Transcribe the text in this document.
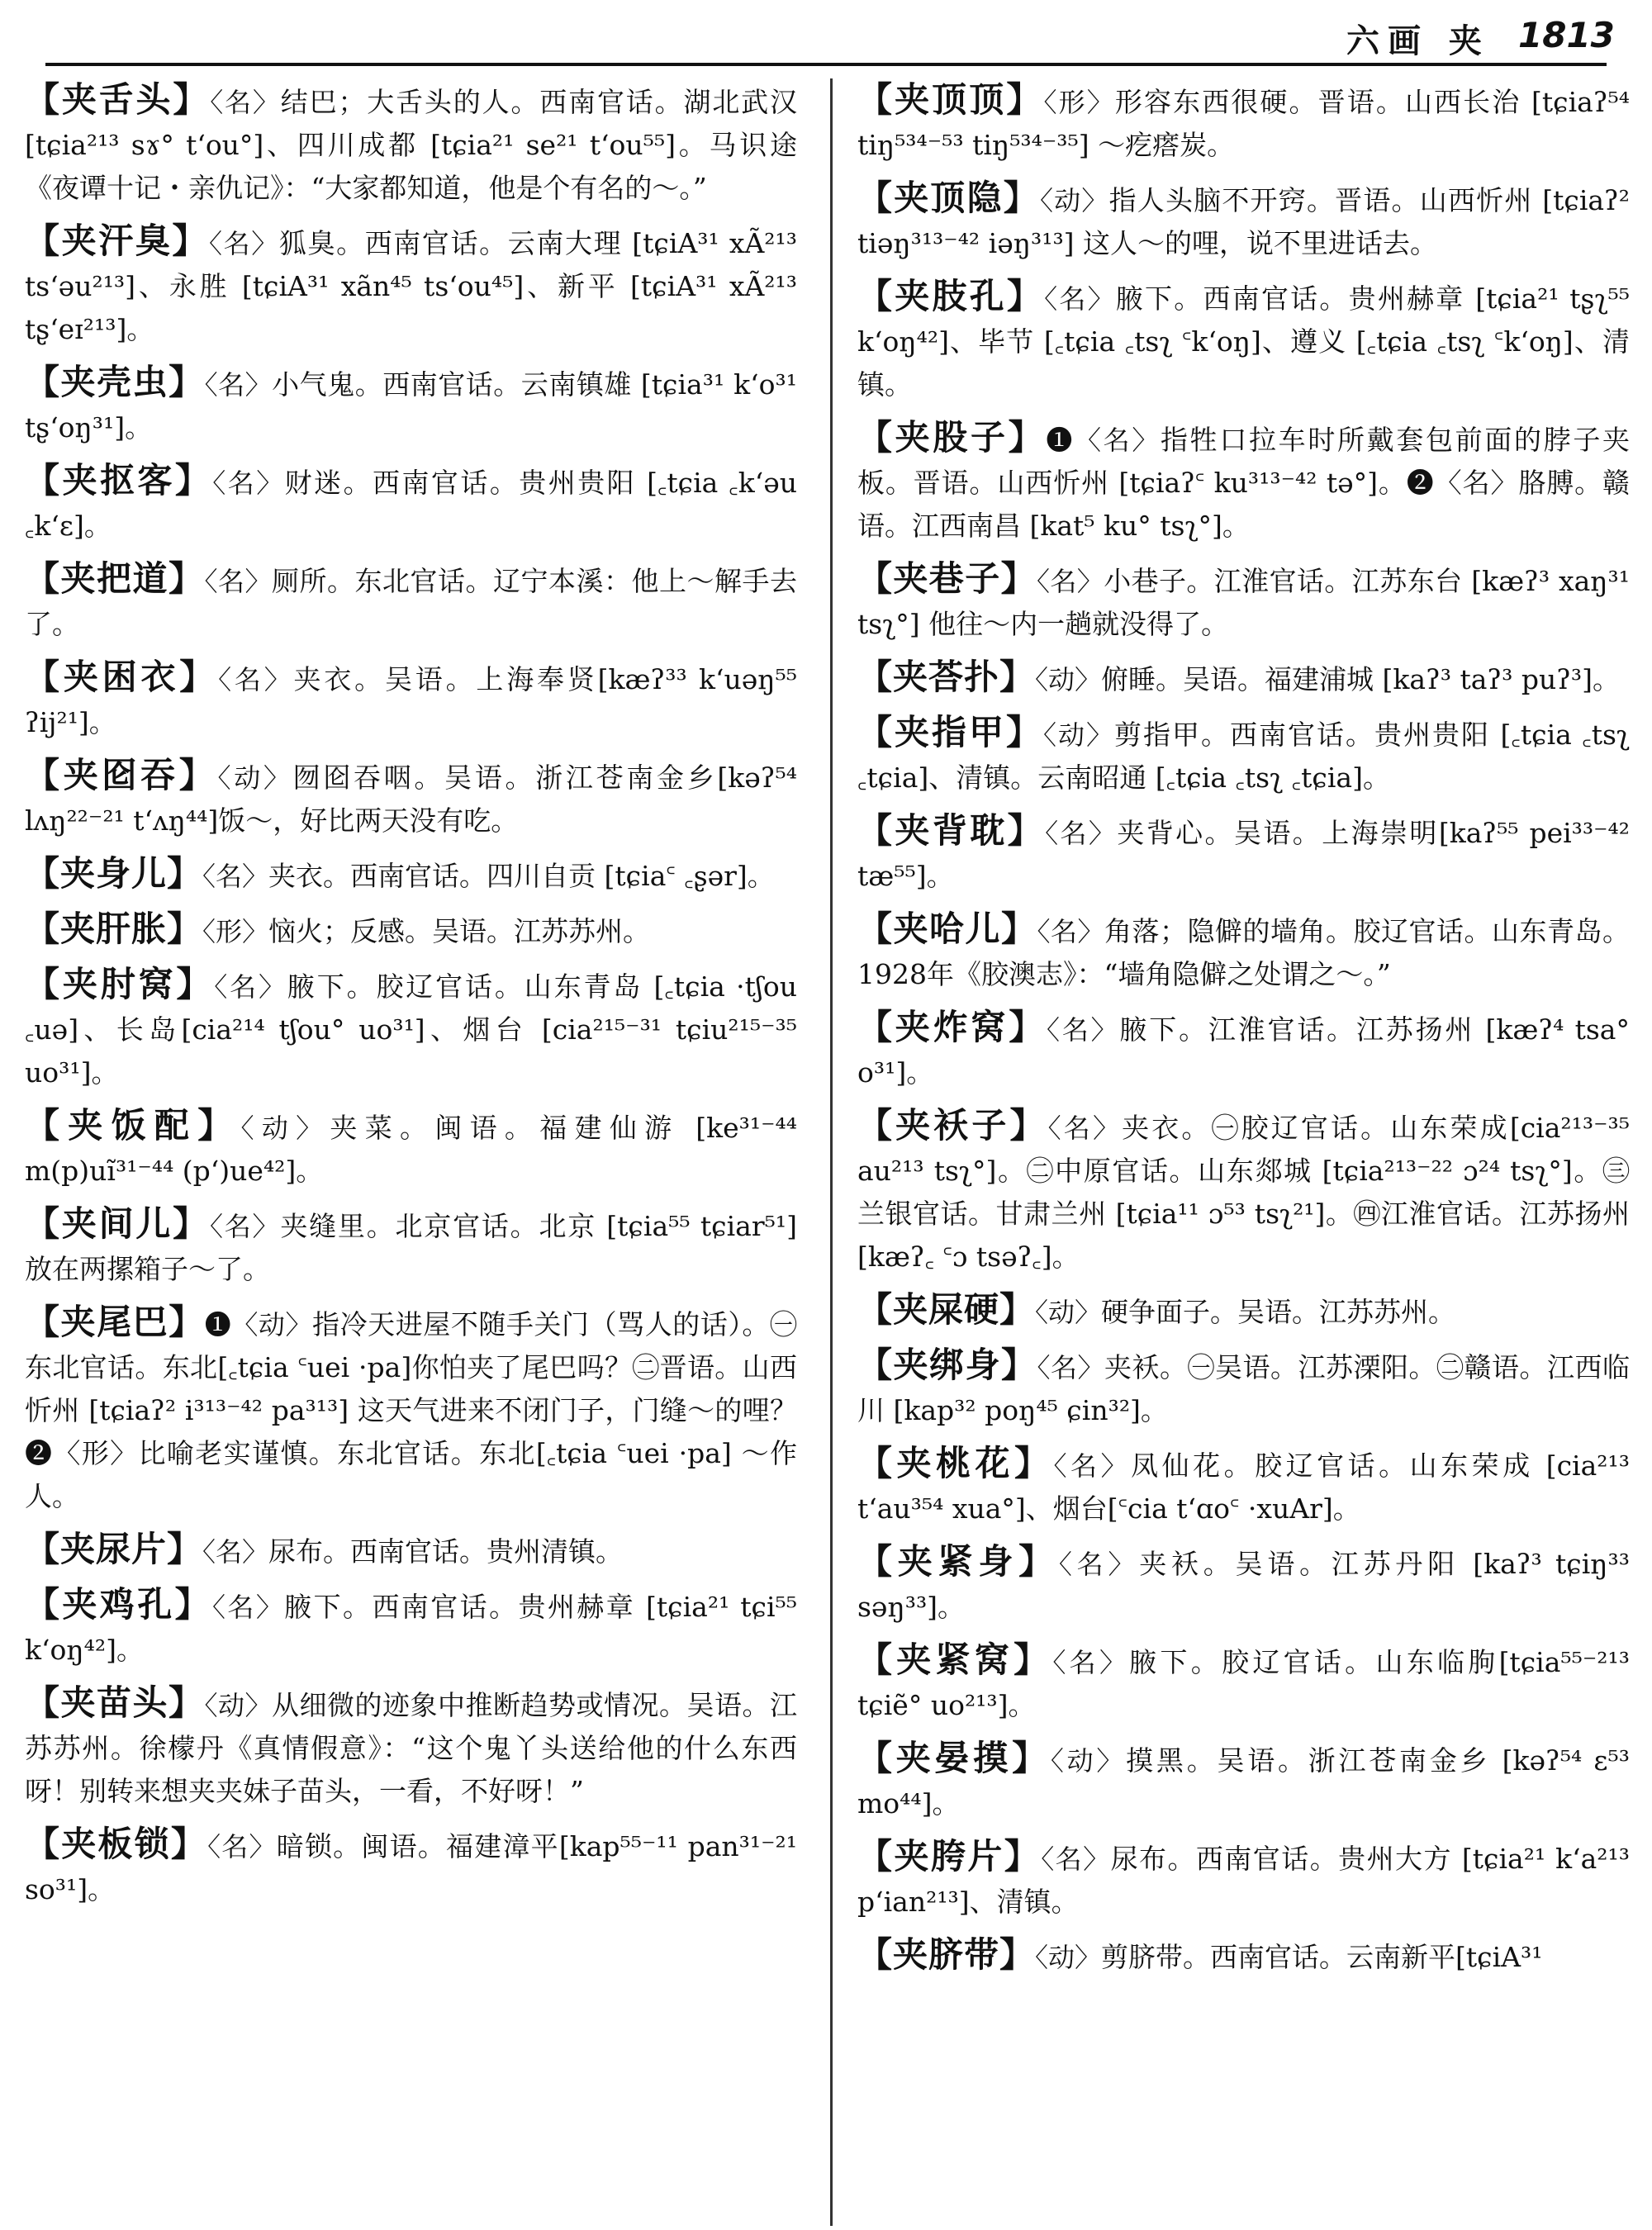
六画 夹 1813
【夹舌头】〈名〉结巴；大舌头的人。西南官话。湖北武汉 [tɕia²¹³ sɤ° t‘ou°]、四川成都 [tɕia²¹ se²¹ t‘ou⁵⁵]。马识途《夜谭十记・亲仇记》：“大家都知道，他是个有名的～。”
【夹汗臭】〈名〉狐臭。西南官话。云南大理 [tɕiA³¹ xÃ²¹³ ts‘əu²¹³]、永胜 [tɕiA³¹ xãn⁴⁵ ts‘ou⁴⁵]、新平 [tɕiA³¹ xÃ²¹³ tʂ‘eɪ²¹³]。
【夹壳虫】〈名〉小气鬼。西南官话。云南镇雄 [tɕia³¹ k‘o³¹ tʂ‘oŋ³¹]。
【夹抠客】〈名〉财迷。西南官话。贵州贵阳 [꜀tɕia ꜀k‘əu ꜀k‘ɛ]。
【夹把道】〈名〉厕所。东北官话。辽宁本溪：他上～解手去了。
【夹困衣】〈名〉夹衣。吴语。上海奉贤[kæʔ³³ k‘uəŋ⁵⁵ ʔij²¹]。
【夹囵吞】〈动〉囫囵吞咽。吴语。浙江苍南金乡[kəʔ⁵⁴ lʌŋ²²⁻²¹ t‘ʌŋ⁴⁴]饭～，好比两天没有吃。
【夹身儿】〈名〉夹衣。西南官话。四川自贡 [tɕia꜂ ꜀ʂər]。
【夹肝胀】〈形〉恼火；反感。吴语。江苏苏州。
【夹肘窝】〈名〉腋下。胶辽官话。山东青岛 [꜀tɕia ·tʃou ꜀uə]、长岛[cia²¹⁴ tʃou° uo³¹]、烟台 [cia²¹⁵⁻³¹ tɕiu²¹⁵⁻³⁵ uo³¹]。
【夹饭配】〈动〉夹菜。闽语。福建仙游 [ke³¹⁻⁴⁴ m(p)uĩ³¹⁻⁴⁴ (p‘)ue⁴²]。
【夹间儿】〈名〉夹缝里。北京官话。北京 [tɕia⁵⁵ tɕiar⁵¹] 放在两摞箱子～了。
【夹尾巴】❶〈动〉指冷天进屋不随手关门（骂人的话）。㊀东北官话。东北[꜀tɕia ꜂uei ·pa]你怕夹了尾巴吗？㊁晋语。山西忻州 [tɕiaʔ² i³¹³⁻⁴² pa³¹³] 这天气进来不闭门子，门缝～的哩？❷〈形〉比喻老实谨慎。东北官话。东北[꜀tɕia ꜂uei ·pa] ～作人。
【夹尿片】〈名〉尿布。西南官话。贵州清镇。
【夹鸡孔】〈名〉腋下。西南官话。贵州赫章 [tɕia²¹ tɕi⁵⁵ k‘oŋ⁴²]。
【夹苗头】〈动〉从细微的迹象中推断趋势或情况。吴语。江苏苏州。徐檬丹《真情假意》：“这个鬼丫头送给他的什么东西呀！别转来想夹夹妹子苗头，一看，不好呀！”
【夹板锁】〈名〉暗锁。闽语。福建漳平[kap⁵⁵⁻¹¹ pan³¹⁻²¹ so³¹]。
【夹顶顶】〈形〉形容东西很硬。晋语。山西长治 [tɕiaʔ⁵⁴ tiŋ⁵³⁴⁻⁵³ tiŋ⁵³⁴⁻³⁵] ～疙瘩炭。
【夹顶隐】〈动〉指人头脑不开窍。晋语。山西忻州 [tɕiaʔ² tiəŋ³¹³⁻⁴² iəŋ³¹³] 这人～的哩，说不里进话去。
【夹肢孔】〈名〉腋下。西南官话。贵州赫章 [tɕia²¹ tʂʅ⁵⁵ k‘oŋ⁴²]、毕节 [꜀tɕia ꜀tsʅ ꜂k‘oŋ]、遵义 [꜀tɕia ꜀tsʅ ꜂k‘oŋ]、清镇。
【夹股子】❶〈名〉指牲口拉车时所戴套包前面的脖子夹板。晋语。山西忻州 [tɕiaʔ꜂ ku³¹³⁻⁴² tə°]。❷〈名〉胳膊。赣语。江西南昌 [kat⁵ ku° tsʅ°]。
【夹巷子】〈名〉小巷子。江淮官话。江苏东台 [kæʔ³ xaŋ³¹ tsʅ°] 他往～内一趟就没得了。
【夹荅扑】〈动〉俯睡。吴语。福建浦城 [kaʔ³ taʔ³ puʔ³]。
【夹指甲】〈动〉剪指甲。西南官话。贵州贵阳 [꜀tɕia ꜀tsʅ ꜀tɕia]、清镇。云南昭通 [꜀tɕia ꜀tsʅ ꜀tɕia]。
【夹背耽】〈名〉夹背心。吴语。上海崇明[kaʔ⁵⁵ pei³³⁻⁴² tæ⁵⁵]。
【夹哈儿】〈名〉角落；隐僻的墙角。胶辽官话。山东青岛。1928年《胶澳志》：“墙角隐僻之处谓之～。”
【夹炸窝】〈名〉腋下。江淮官话。江苏扬州 [kæʔ⁴ tsa° o³¹]。
【夹袄子】〈名〉夹衣。㊀胶辽官话。山东荣成[cia²¹³⁻³⁵ au²¹³ tsʅ°]。㊁中原官话。山东郯城 [tɕia²¹³⁻²² ɔ²⁴ tsʅ°]。㊂兰银官话。甘肃兰州 [tɕia¹¹ ɔ⁵³ tsʅ²¹]。㊃江淮官话。江苏扬州 [kæʔ꜀ ꜂ɔ tsəʔ꜀]。
【夹屎硬】〈动〉硬争面子。吴语。江苏苏州。
【夹绑身】〈名〉夹袄。㊀吴语。江苏溧阳。㊁赣语。江西临川 [kap³² poŋ⁴⁵ ɕin³²]。
【夹桃花】〈名〉凤仙花。胶辽官话。山东荣成 [cia²¹³ t‘au³⁵⁴ xua°]、烟台[꜂cia t‘ɑo꜂ ·xuAr]。
【夹紧身】〈名〉夹袄。吴语。江苏丹阳 [kaʔ³ tɕiŋ³³ səŋ³³]。
【夹紧窝】〈名〉腋下。胶辽官话。山东临朐[tɕia⁵⁵⁻²¹³ tɕiẽ° uo²¹³]。
【夹晏摸】〈动〉摸黑。吴语。浙江苍南金乡 [kəʔ⁵⁴ ɛ⁵³ mo⁴⁴]。
【夹胯片】〈名〉尿布。西南官话。贵州大方 [tɕia²¹ k‘a²¹³ p‘ian²¹³]、清镇。
【夹脐带】〈动〉剪脐带。西南官话。云南新平[tɕiA³¹
